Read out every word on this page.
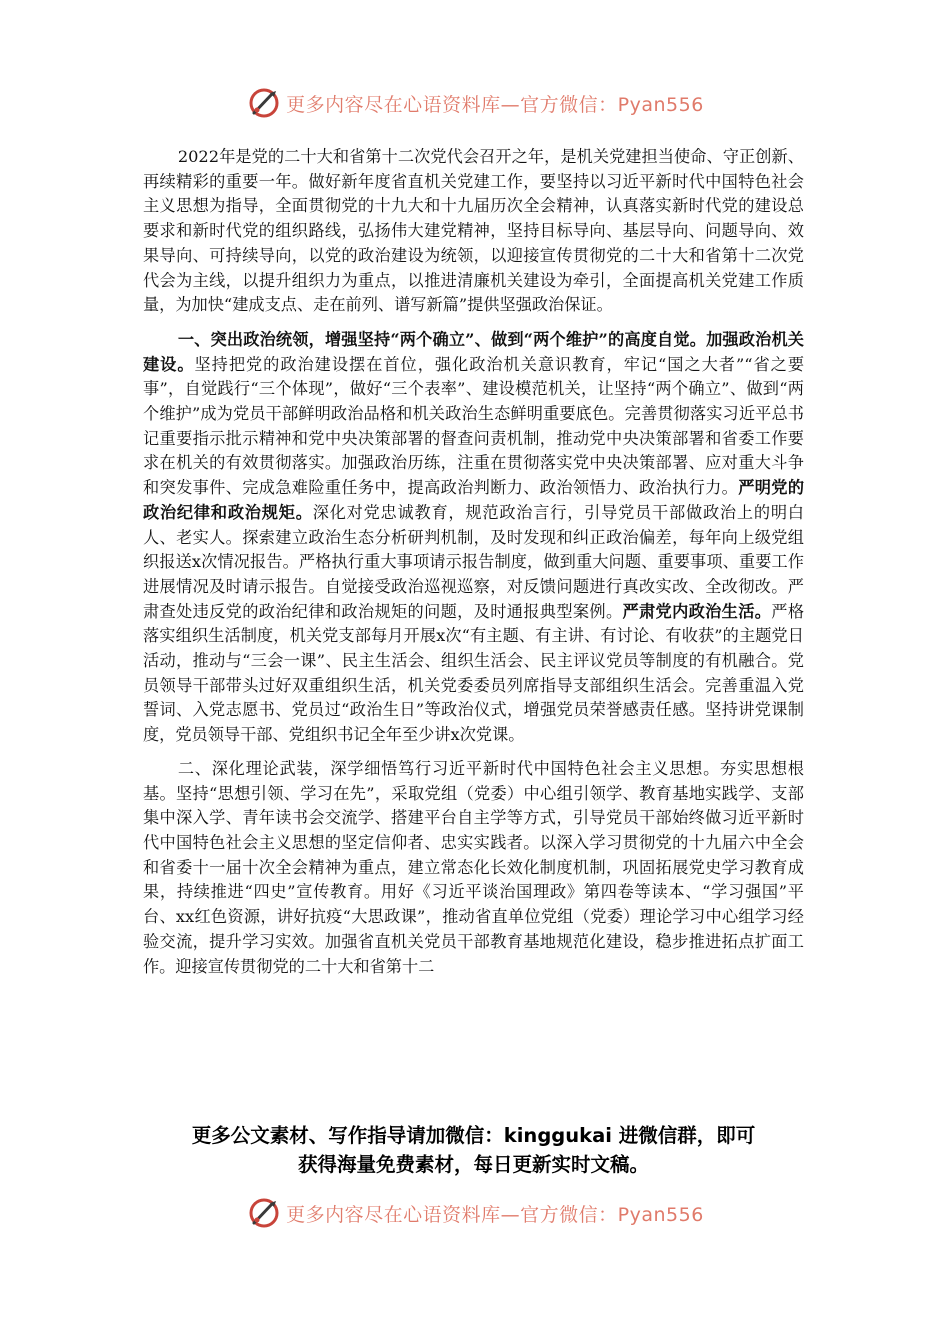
更多内容尽在心语资料库—官方微信：Pyan556

2022年是党的二十大和省第十二次党代会召开之年，是机关党建担当使命、守正创新、再续精彩的重要一年。做好新年度省直机关党建工作，要坚持以习近平新时代中国特色社会主义思想为指导，全面贯彻党的十九大和十九届历次全会精神，认真落实新时代党的建设总要求和新时代党的组织路线，弘扬伟大建党精神，坚持目标导向、基层导向、问题导向、效果导向、可持续导向，以党的政治建设为统领，以迎接宣传贯彻党的二十大和省第十二次党代会为主线，以提升组织力为重点，以推进清廉机关建设为牵引，全面提高机关党建工作质量，为加快“建成支点、走在前列、谱写新篇”提供坚强政治保证。

一、突出政治统领，增强坚持“两个确立”、做到“两个维护”的高度自觉。加强政治机关建设。坚持把党的政治建设摆在首位，强化政治机关意识教育，牢记“国之大者”“省之要事”，自觉践行“三个体现”，做好“三个表率”、建设模范机关，让坚持“两个确立”、做到“两个维护”成为党员干部鲜明政治品格和机关政治生态鲜明重要底色。完善贯彻落实习近平总书记重要指示批示精神和党中央决策部署的督查问责机制，推动党中央决策部署和省委工作要求在机关的有效贯彻落实。加强政治历练，注重在贯彻落实党中央决策部署、应对重大斗争和突发事件、完成急难险重任务中，提高政治判断力、政治领悟力、政治执行力。严明党的政治纪律和政治规矩。深化对党忠诚教育，规范政治言行，引导党员干部做政治上的明白人、老实人。探索建立政治生态分析研判机制，及时发现和纠正政治偏差，每年向上级党组织报送x次情况报告。严格执行重大事项请示报告制度，做到重大问题、重要事项、重要工作进展情况及时请示报告。自觉接受政治巡视巡察，对反馈问题进行真改实改、全改彻改。严肃查处违反党的政治纪律和政治规矩的问题，及时通报典型案例。严肃党内政治生活。严格落实组织生活制度，机关党支部每月开展x次“有主题、有主讲、有讨论、有收获”的主题党日活动，推动与“三会一课”、民主生活会、组织生活会、民主评议党员等制度的有机融合。党员领导干部带头过好双重组织生活，机关党委委员列席指导支部组织生活会。完善重温入党誓词、入党志愿书、党员过“政治生日”等政治仪式，增强党员荣誉感责任感。坚持讲党课制度，党员领导干部、党组织书记全年至少讲x次党课。

二、深化理论武装，深学细悟笃行习近平新时代中国特色社会主义思想。夯实思想根基。坚持“思想引领、学习在先”，采取党组（党委）中心组引领学、教育基地实践学、支部集中深入学、青年读书会交流学、搭建平台自主学等方式，引导党员干部始终做习近平新时代中国特色社会主义思想的坚定信仰者、忠实实践者。以深入学习贯彻党的十九届六中全会和省委十一届十次全会精神为重点，建立常态化长效化制度机制，巩固拓展党史学习教育成果，持续推进“四史”宣传教育。用好《习近平谈治国理政》第四卷等读本、“学习强国”平台、xx红色资源，讲好抗疫“大思政课”，推动省直单位党组（党委）理论学习中心组学习经验交流，提升学习实效。加强省直机关党员干部教育基地规范化建设，稳步推进拓点扩面工作。迎接宣传贯彻党的二十大和省第十二

更多公文素材、写作指导请加微信：kinggukai 进微信群，即可
获得海量免费素材，每日更新实时文稿。
更多内容尽在心语资料库—官方微信：Pyan556
